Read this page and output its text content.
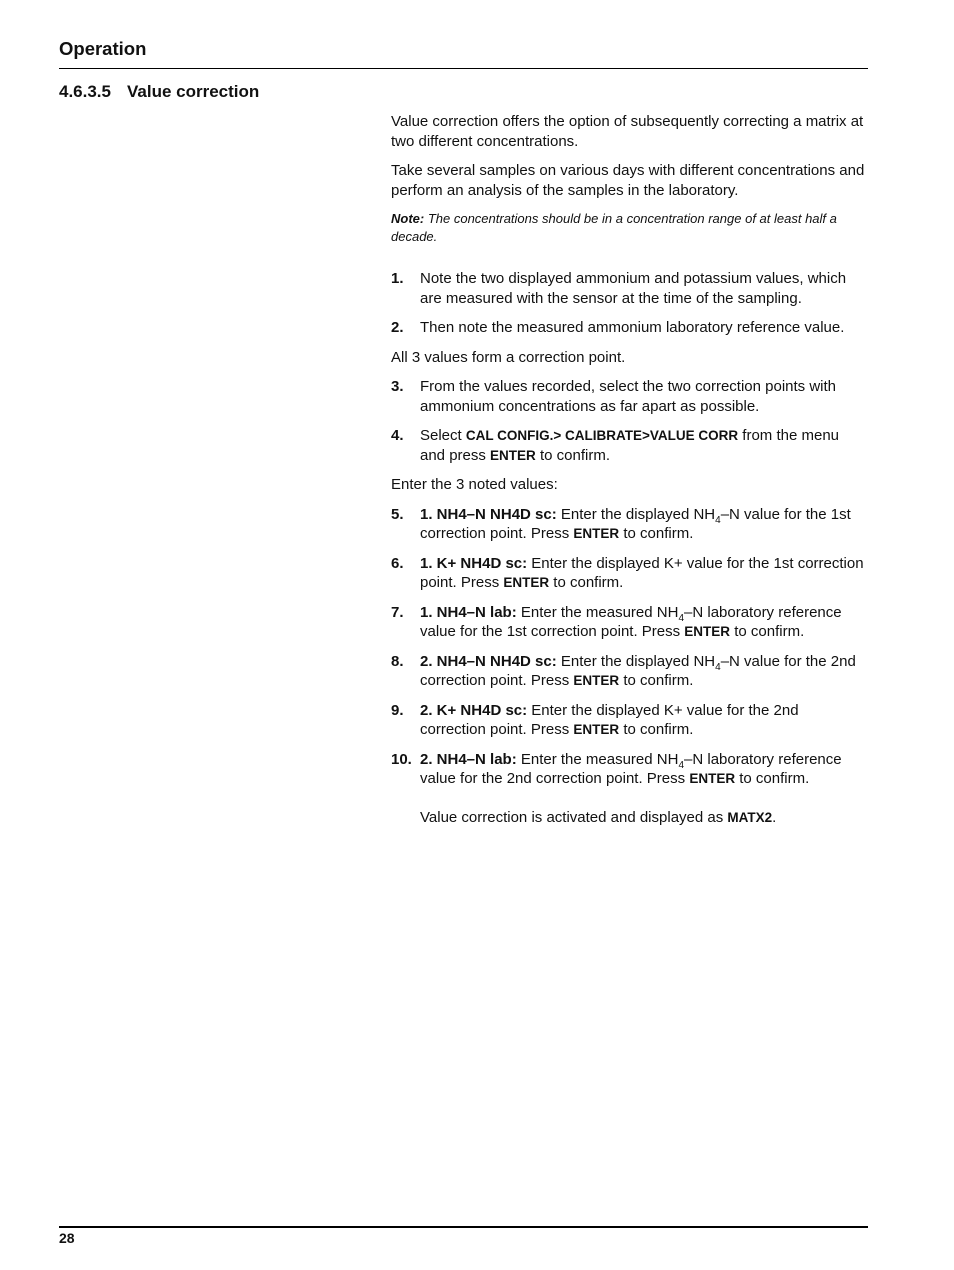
Operation
4.6.3.5 Value correction

Value correction offers the option of subsequently correcting a matrix at two different concentrations.

Take several samples on various days with different concentrations and perform an analysis of the samples in the laboratory.

Note: The concentrations should be in a concentration range of at least half a decade.

1. Note the two displayed ammonium and potassium values, which are measured with the sensor at the time of the sampling.
2. Then note the measured ammonium laboratory reference value.

All 3 values form a correction point.

3. From the values recorded, select the two correction points with ammonium concentrations as far apart as possible.
4. Select CAL CONFIG.> CALIBRATE>VALUE CORR from the menu and press ENTER to confirm.

Enter the 3 noted values:

5. 1. NH4–N NH4D sc: Enter the displayed $NH_4-N$ value for the 1st correction point. Press ENTER to confirm.
6. 1. K+ NH4D sc: Enter the displayed K+ value for the 1st correction point. Press ENTER to confirm.
7. 1. NH4–N lab: Enter the measured $NH_4-N$ laboratory reference value for the 1st correction point. Press ENTER to confirm.
8. 2. NH4–N NH4D sc: Enter the displayed $NH_4-N$ value for the 2nd correction point. Press ENTER to confirm.
9. 2. K+ NH4D sc: Enter the displayed K+ value for the 2nd correction point. Press ENTER to confirm.
10. 2. NH4–N lab: Enter the measured $NH_4-N$ laboratory reference value for the 2nd correction point. Press ENTER to confirm.
Value correction is activated and displayed as MATX2.
28
